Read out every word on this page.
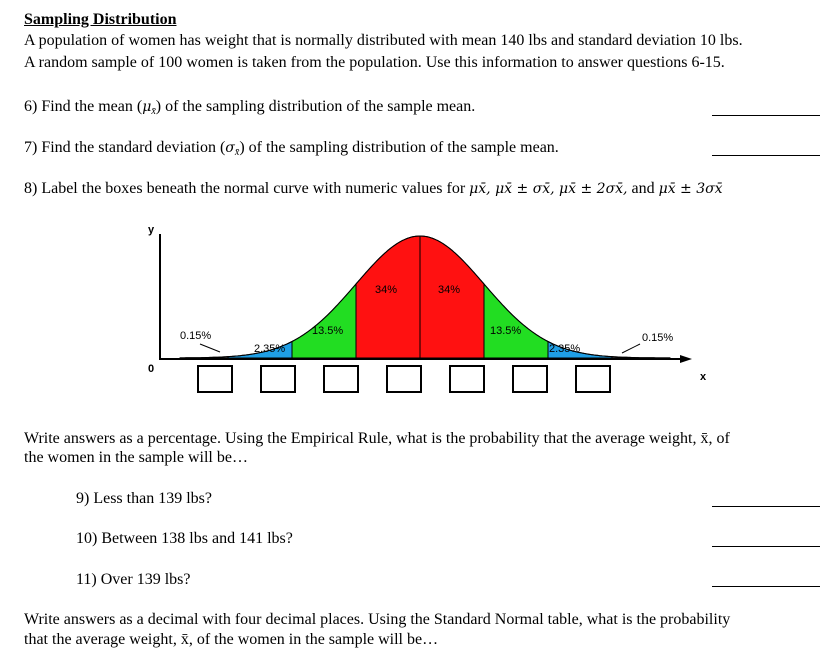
Sampling Distribution
A population of women has weight that is normally distributed with mean 140 lbs and standard deviation 10 lbs.
A random sample of 100 women is taken from the population. Use this information to answer questions 6-15.
6) Find the mean $(\mu_{x̄})$ of the sampling distribution of the sample mean.
7) Find the standard deviation $(\sigma_{x̄})$ of the sampling distribution of the sample mean.
8) Label the boxes beneath the normal curve with numeric values for μx̄, μx̄ ± σx̄, μx̄ ± 2σx̄, and μx̄ ± 3σx̄
y
x
0
0.15%
2.35%
13.5%
34%	34%
13.5%
2.35%
0.15%
Write answers as a percentage. Using the Empirical Rule, what is the probability that the average weight, x̄, of
the women in the sample will be…
9) Less than 139 lbs?
10) Between 138 lbs and 141 lbs?
11) Over 139 lbs?
Write answers as a decimal with four decimal places. Using the Standard Normal table, what is the probability
that the average weight, x̄, of the women in the sample will be…
